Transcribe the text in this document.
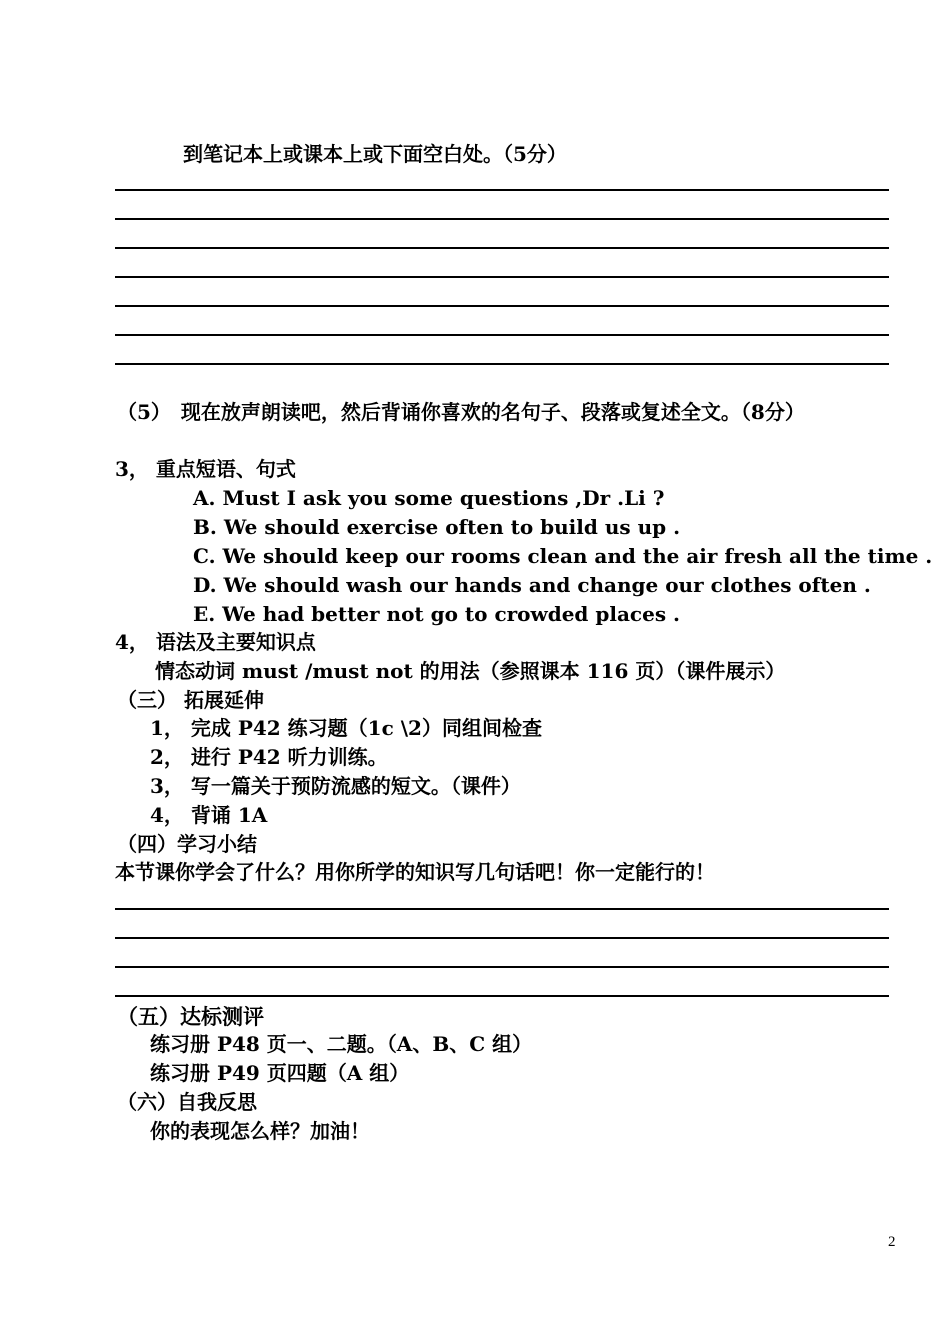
到笔记本上或课本上或下面空白处。（5分）
（5）　现在放声朗读吧，然后背诵你喜欢的名句子、段落或复述全文。（8分）
3， 重点短语、句式
A. Must I ask you some questions ,Dr .Li ?
B. We should exercise often to build us up .
C. We should keep our rooms clean and the air fresh all the time .
D. We should wash our hands and change our clothes often .
E. We had better not go to crowded places .
4， 语法及主要知识点
情态动词 must /must not 的用法（参照课本 116 页）（课件展示）
（三） 拓展延伸
1， 完成 P42 练习题（1c \2）同组间检查
2， 进行 P42 听力训练。
3， 写一篇关于预防流感的短文。（课件）
4， 背诵 1A
（四）学习小结
本节课你学会了什么？用你所学的知识写几句话吧！你一定能行的！
（五）达标测评
练习册 P48 页一、二题。（A、B、C 组）
练习册 P49 页四题（A 组）
（六）自我反思
你的表现怎么样？加油！
2
